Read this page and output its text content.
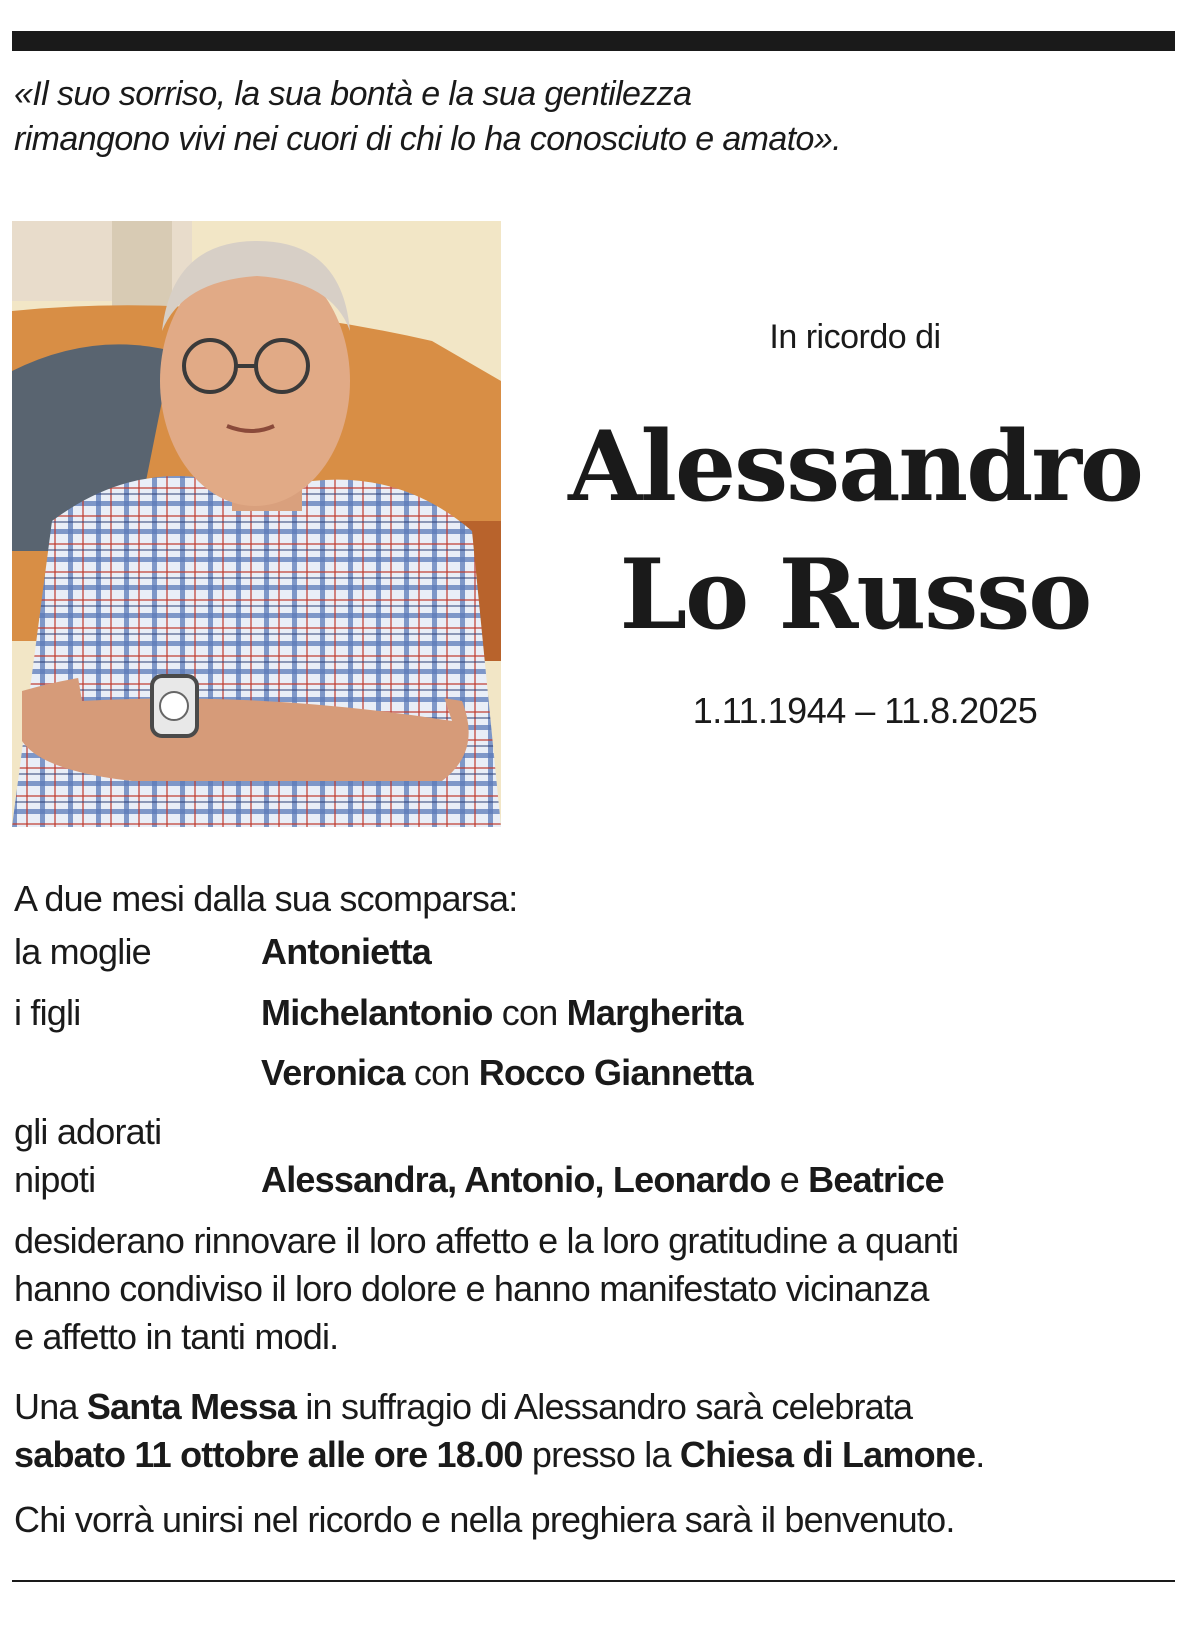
«Il suo sorriso, la sua bontà e la sua gentilezza
rimangono vivi nei cuori di chi lo ha conosciuto e amato».
In ricordo di
Alessandro
Lo Russo
1.11.1944 – 11.8.2025
A due mesi dalla sua scomparsa:
la moglie	Antonietta
i figli	Michelantonio con Margherita
Veronica con Rocco Giannetta
gli adorati
nipoti	Alessandra, Antonio, Leonardo e Beatrice
desiderano rinnovare il loro affetto e la loro gratitudine a quanti
hanno condiviso il loro dolore e hanno manifestato vicinanza
e affetto in tanti modi.
Una Santa Messa in suffragio di Alessandro sarà celebrata
sabato 11 ottobre alle ore 18.00 presso la Chiesa di Lamone.
Chi vorrà unirsi nel ricordo e nella preghiera sarà il benvenuto.
